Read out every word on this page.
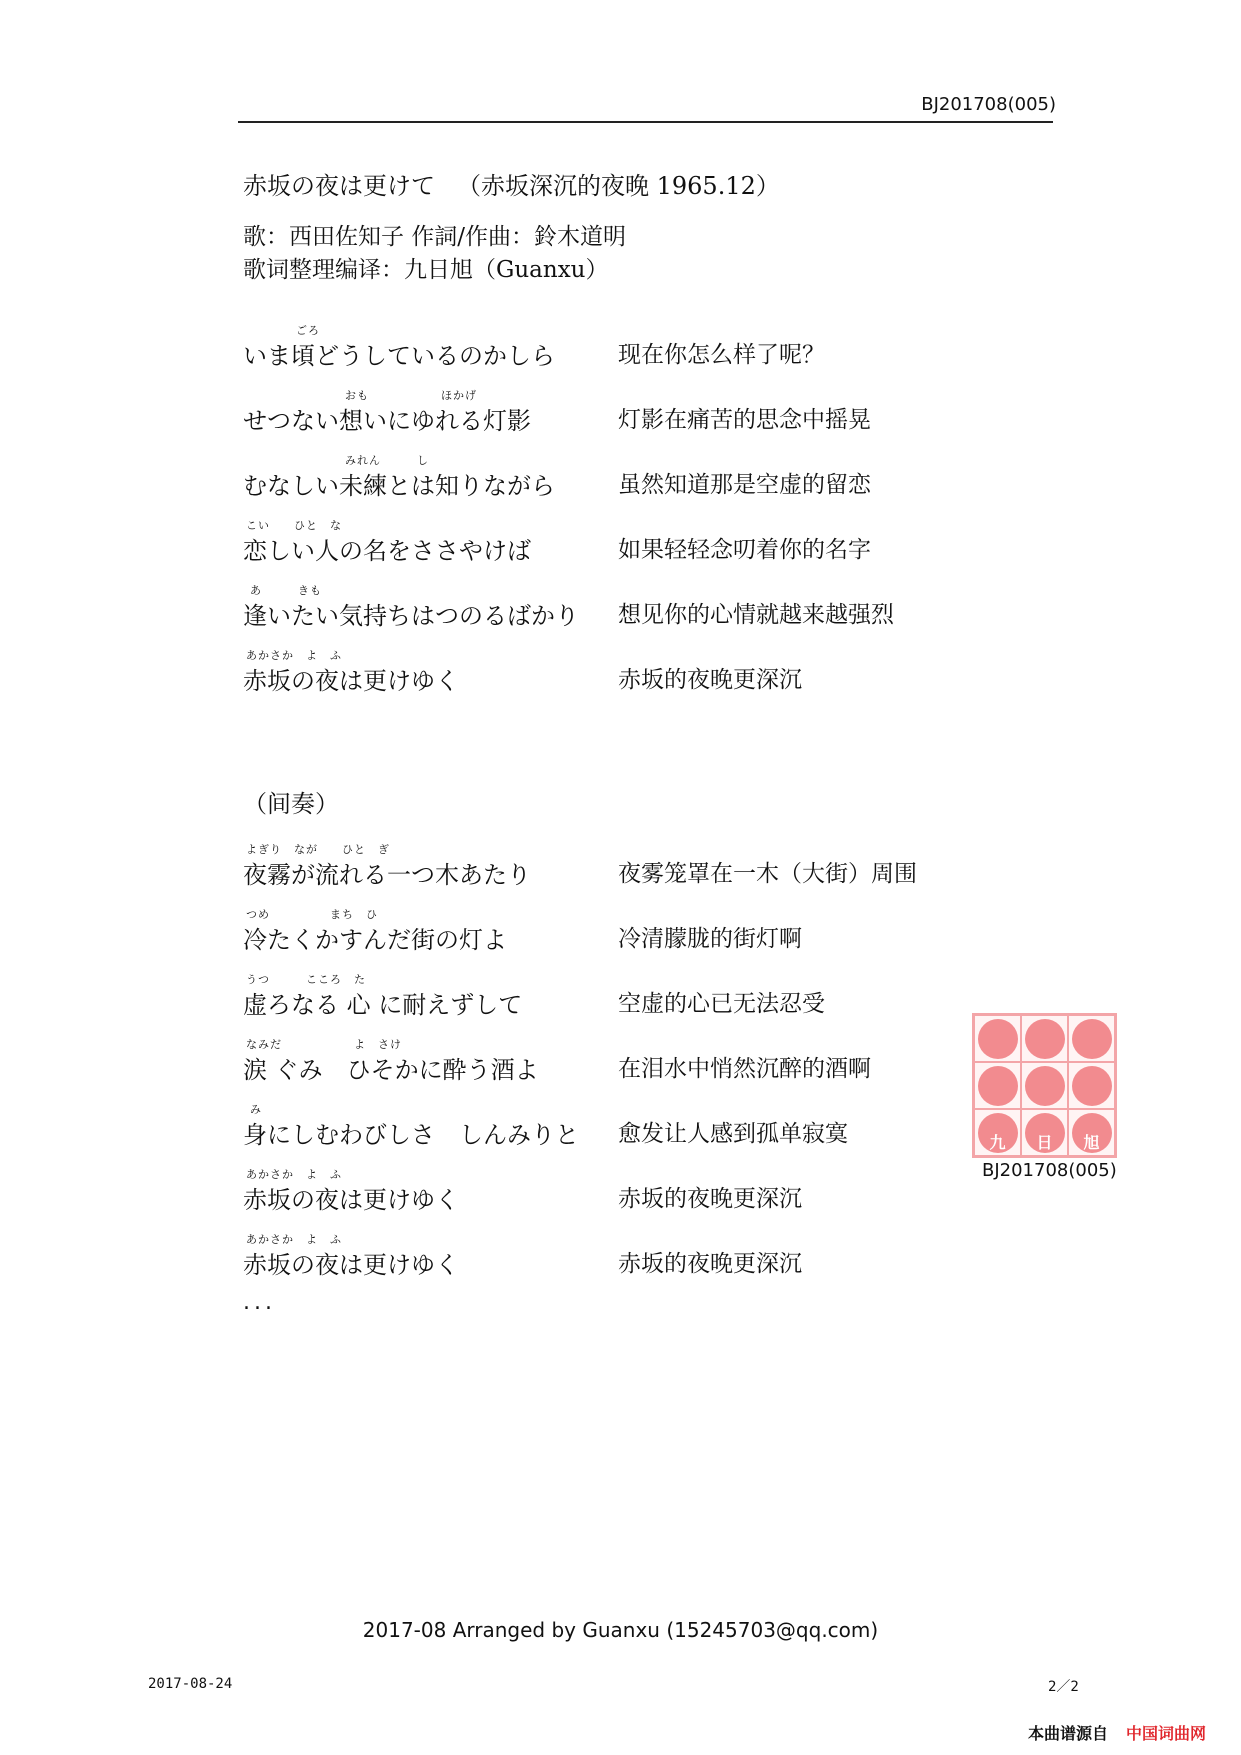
BJ201708(005)
赤坂の夜は更けて （赤坂深沉的夜晚 1965.12）
歌：西田佐知子 作詞/作曲：鈴木道明
歌词整理编译：九日旭（Guanxu）
ごろ
いま頃どうしているのかしら	现在你怎么样了呢？
おも　　　　　　ほかげ
せつない想いにゆれる灯影	灯影在痛苦的思念中摇晃
みれん　　　し
むなしい未練とは知りながら	虽然知道那是空虚的留恋
こい　　ひと　な
恋しい人の名をささやけば	如果轻轻念叨着你的名字
あ　　　きも
逢いたい気持ちはつのるばかり 想见你的心情就越来越强烈
あかさか　よ　ふ
赤坂の夜は更けゆく	赤坂的夜晚更深沉
（间奏）
よぎり　なが　　ひと　ぎ
夜霧が流れる一つ木あたり	夜雾笼罩在一木（大街）周围
つめ　　　　　まち　ひ
冷たくかすんだ街の灯よ	冷清朦胧的街灯啊
うつ　　　こころ　た
虚ろなる 心 に耐えずして	空虚的心已无法忍受
なみだ　　　　　　よ　さけ
涙 ぐみ　ひそかに酔う酒よ	在泪水中悄然沉醉的酒啊
み
身にしむわびしさ　しんみりと 愈发让人感到孤单寂寞
あかさか　よ　ふ
赤坂の夜は更けゆく	赤坂的夜晚更深沉
あかさか　よ　ふ
赤坂の夜は更けゆく	赤坂的夜晚更深沉
...
九 日 旭
BJ201708(005)
2017-08 Arranged by Guanxu (15245703@qq.com)
2017-08-24	2／2
本曲谱源自 中国词曲网
